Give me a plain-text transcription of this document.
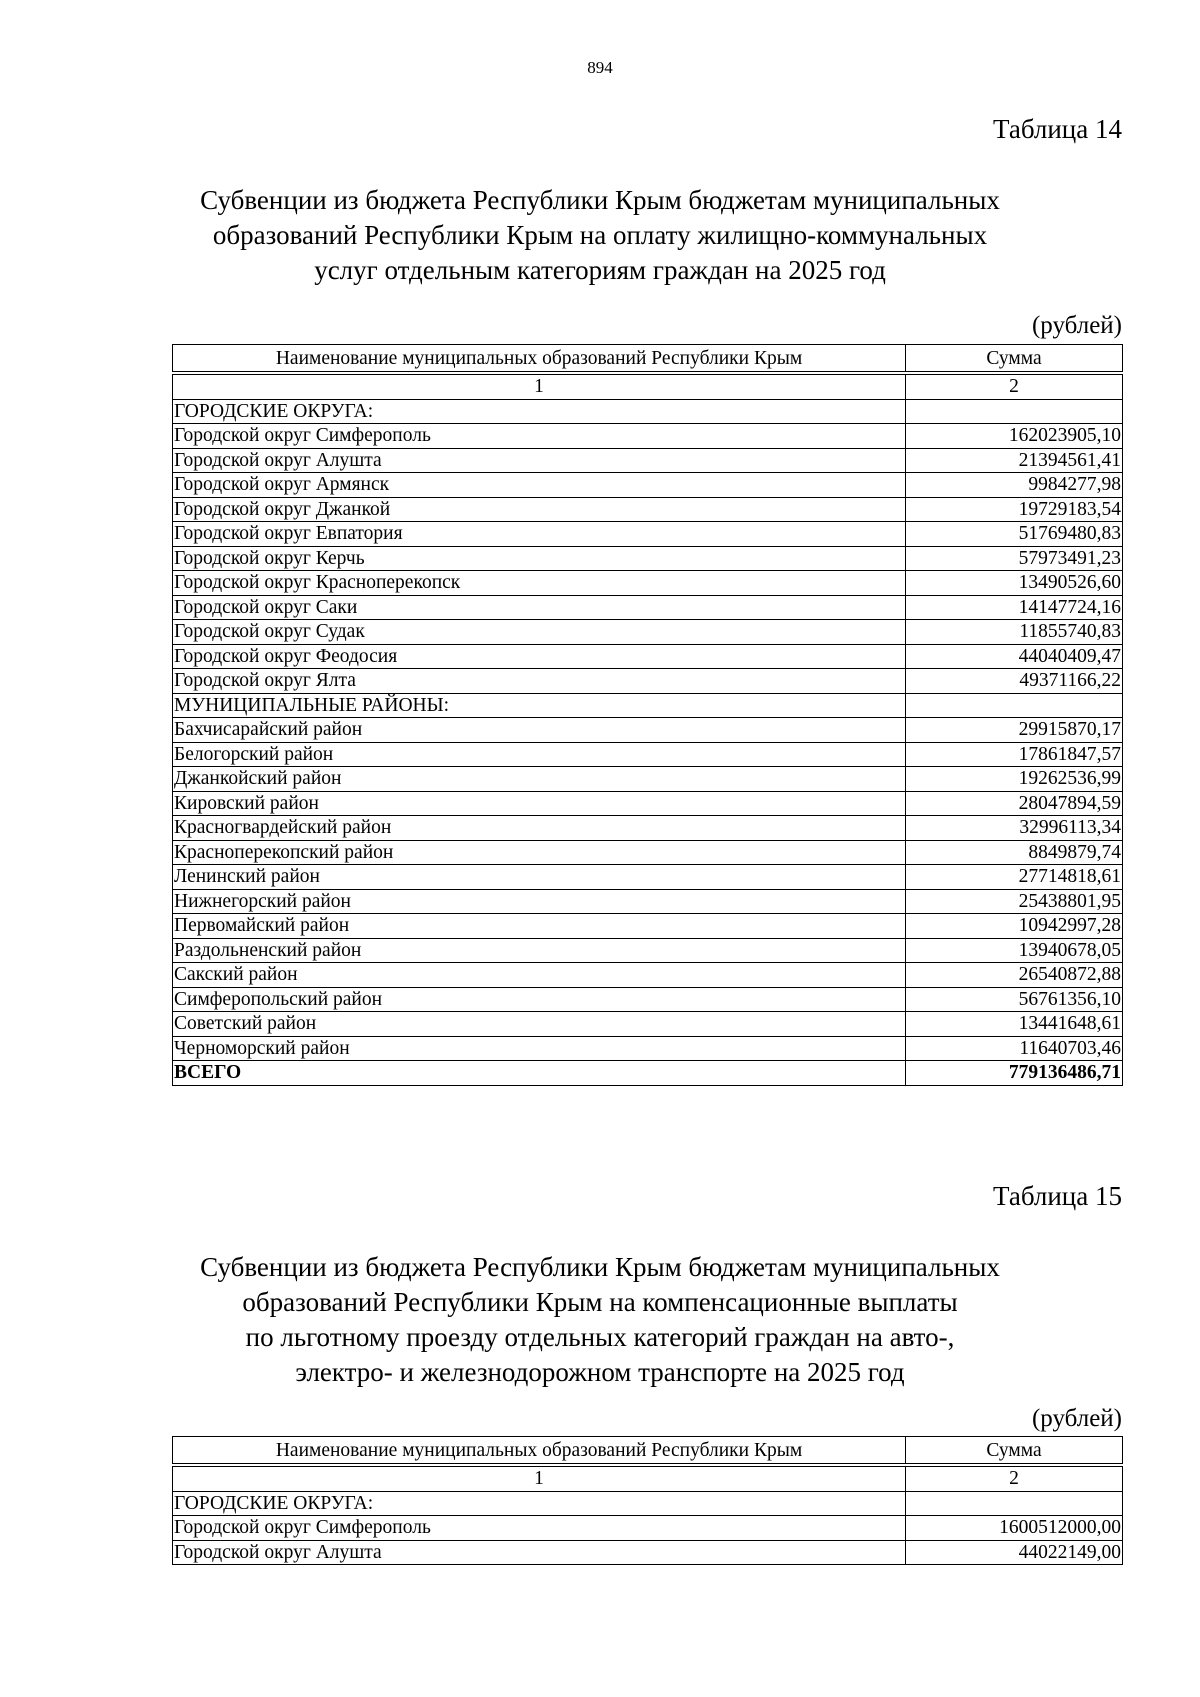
894
Таблица 14
Субвенции из бюджета Республики Крым бюджетам муниципальных
образований Республики Крым на оплату жилищно-коммунальных
услуг отдельным категориям граждан на 2025 год
(рублей)
Наименование муниципальных образований Республики Крым	Сумма

1	2
ГОРОДСКИЕ ОКРУГА:	
Городской округ Симферополь	162023905,10
Городской округ Алушта	21394561,41
Городской округ Армянск	9984277,98
Городской округ Джанкой	19729183,54
Городской округ Евпатория	51769480,83
Городской округ Керчь	57973491,23
Городской округ Красноперекопск	13490526,60
Городской округ Саки	14147724,16
Городской округ Судак	11855740,83
Городской округ Феодосия	44040409,47
Городской округ Ялта	49371166,22
МУНИЦИПАЛЬНЫЕ РАЙОНЫ:	
Бахчисарайский район	29915870,17
Белогорский район	17861847,57
Джанкойский район	19262536,99
Кировский район	28047894,59
Красногвардейский район	32996113,34
Красноперекопский район	8849879,74
Ленинский район	27714818,61
Нижнегорский район	25438801,95
Первомайский район	10942997,28
Раздольненский район	13940678,05
Сакский район	26540872,88
Симферопольский район	56761356,10
Советский район	13441648,61
Черноморский район	11640703,46
ВСЕГО	779136486,71
Таблица 15
Субвенции из бюджета Республики Крым бюджетам муниципальных
образований Республики Крым на компенсационные выплаты
по льготному проезду отдельных категорий граждан на авто-,
электро- и железнодорожном транспорте на 2025 год
(рублей)
Наименование муниципальных образований Республики Крым	Сумма

1	2
ГОРОДСКИЕ ОКРУГА:	
Городской округ Симферополь	1600512000,00
Городской округ Алушта	44022149,00
